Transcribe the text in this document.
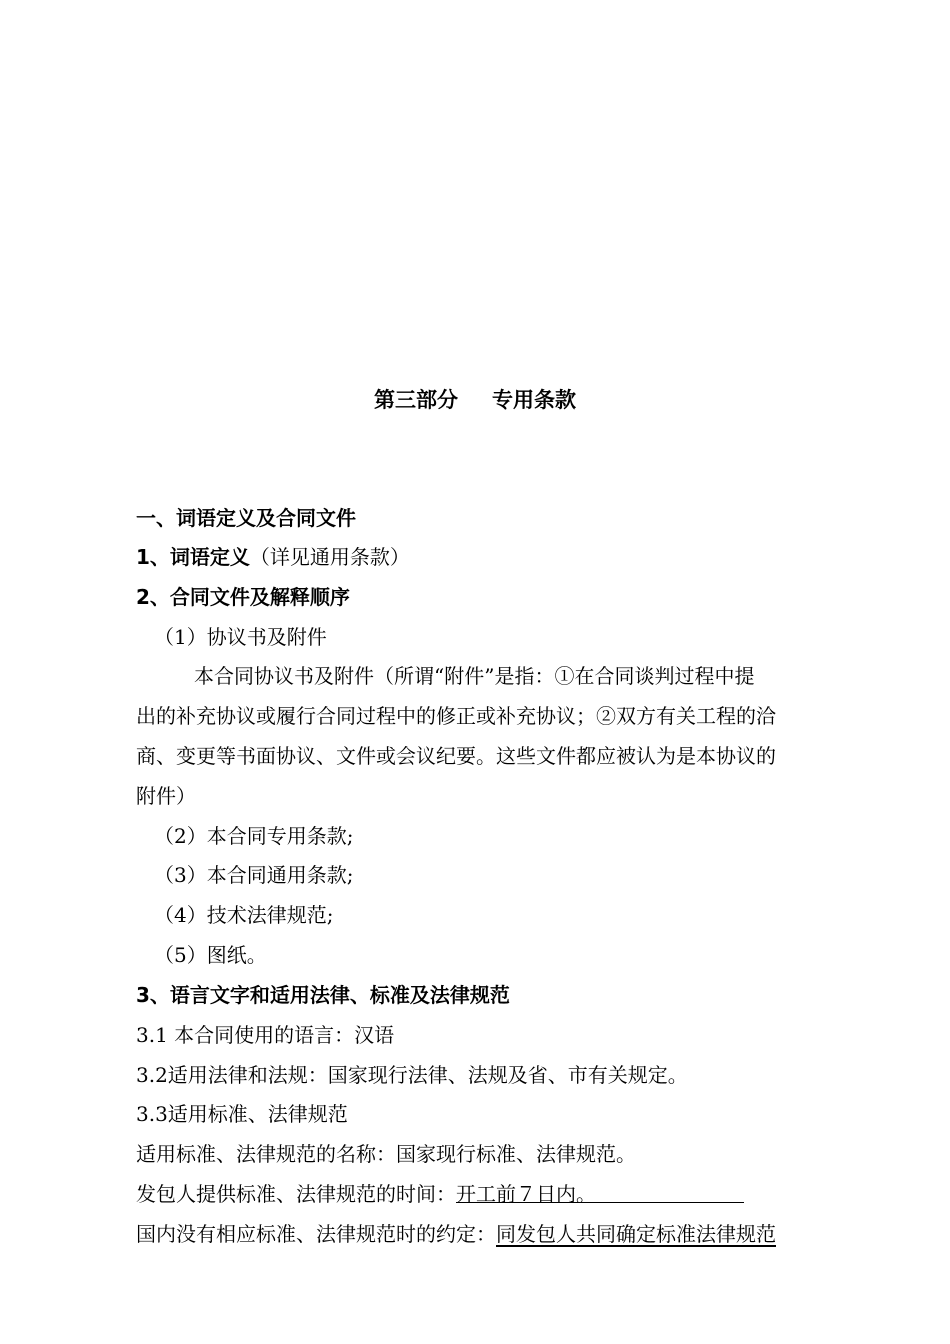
第三部分 专用条款
一、词语定义及合同文件
1、词语定义（详见通用条款）
2、合同文件及解释顺序
（1）协议书及附件
本合同协议书及附件（所谓“附件”是指：①在合同谈判过程中提
出的补充协议或履行合同过程中的修正或补充协议；②双方有关工程的洽
商、变更等书面协议、文件或会议纪要。这些文件都应被认为是本协议的
附件）
（2）本合同专用条款;
（3）本合同通用条款;
（4）技术法律规范;
（5）图纸。
3、语言文字和适用法律、标准及法律规范
3.1 本合同使用的语言：汉语
3.2适用法律和法规：国家现行法律、法规及省、市有关规定。
3.3适用标准、法律规范
适用标准、法律规范的名称：国家现行标准、法律规范。
发包人提供标准、法律规范的时间：开工前７日内。
国内没有相应标准、法律规范时的约定：同发包人共同确定标准法律规范
